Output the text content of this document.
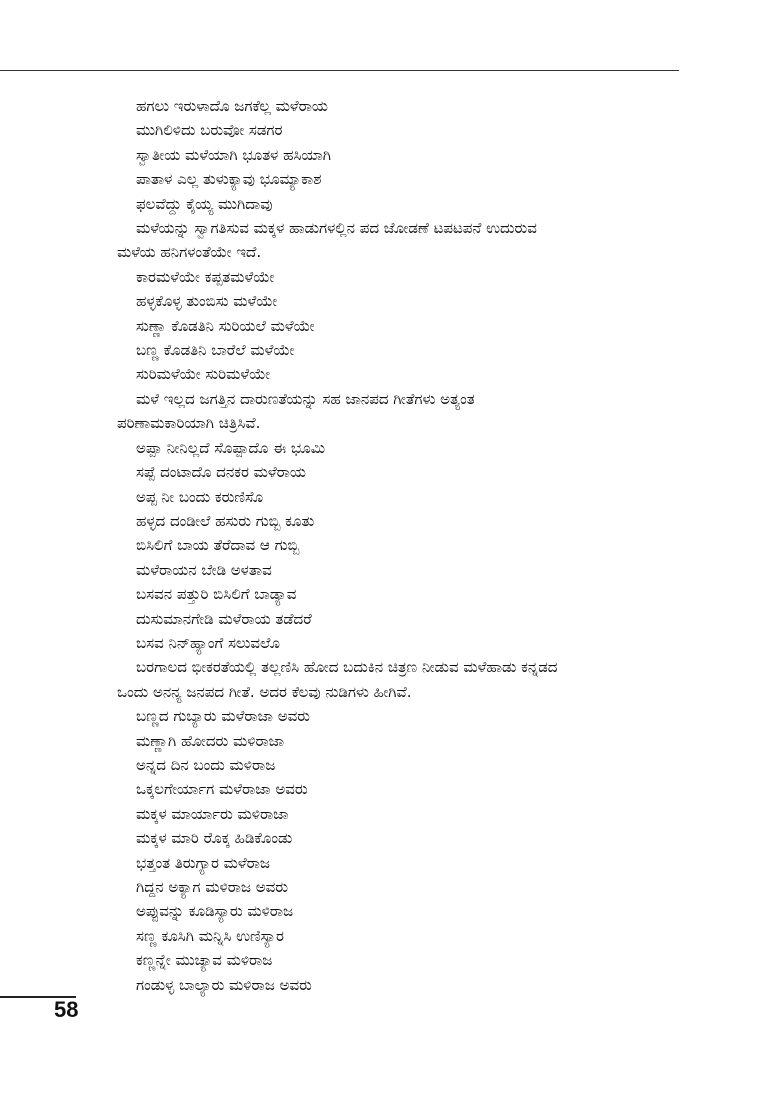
ಹಗಲು ಇರುಳಾದೊ ಜಗಕೆಲ್ಲ ಮಳೆರಾಯ
ಮುಗಿಲಿಳಿದು ಬರುವೋ ಸಡಗರ
ಸ್ವಾತೀಯ ಮಳೆಯಾಗಿ ಭೂತಳ ಹಸಿಯಾಗಿ
ಪಾತಾಳ ಎಲ್ಲ ತುಳುಕ್ಯಾವು ಭೂಮ್ಯಾಕಾಶ
ಫಲವೆದ್ದು ಕೈಯ್ಯ ಮುಗಿದಾವು
ಮಳೆಯನ್ನು ಸ್ವಾಗತಿಸುವ ಮಕ್ಕಳ ಹಾಡುಗಳಲ್ಲಿನ ಪದ ಜೋಡಣೆ ಟಪಟಪನೆ ಉದುರುವ
ಮಳೆಯ ಹನಿಗಳಂತೆಯೇ ಇದೆ.
ಕಾರಮಳೆಯೇ ಕಪ್ಪತಮಳೆಯೇ
ಹಳ್ಳಕೊಳ್ಳ ತುಂಬಿಸು ಮಳೆಯೇ
ಸುಣ್ಣಾ ಕೊಡತಿನಿ ಸುರಿಯಲೆ ಮಳೆಯೇ
ಬಣ್ಣ ಕೊಡತಿನಿ ಬಾರೆಲೆ ಮಳೆಯೇ
ಸುರಿಮಳೆಯೇ ಸುರಿಮಳೆಯೇ
ಮಳೆ ಇಲ್ಲದ ಜಗತ್ತಿನ ದಾರುಣತೆಯನ್ನು ಸಹ ಜಾನಪದ ಗೀತೆಗಳು ಅತ್ಯಂತ
ಪರಿಣಾಮಕಾರಿಯಾಗಿ ಚಿತ್ರಿಸಿವೆ.
ಅಪ್ಪಾ ನೀನಿಲ್ಲದೆ ಸೊಪ್ಪಾದೊ ಈ ಭೂಮಿ
ಸಪ್ಪೆ ದಂಟಾದೊ ದನಕರ ಮಳೆರಾಯ
ಅಪ್ಪ ನೀ ಬಂದು ಕರುಣಿಸೊ
ಹಳ್ಳದ ದಂಡೀಲೆ ಹಸುರು ಗುಬ್ಬಿ ಕೂತು
ಬಿಸಿಲಿಗೆ ಬಾಯ ತೆರೆದಾವ ಆ ಗುಬ್ಬಿ
ಮಳೆರಾಯನ ಬೇಡಿ ಅಳತಾವ
ಬಸವನ ಪತ್ತುರಿ ಬಿಸಿಲಿಗೆ ಬಾಡ್ಯಾವ
ದುಸುಮಾನಗೇಡಿ ಮಳೆರಾಯ ತಡೆದರೆ
ಬಸವ ನಿನ್‌ಹ್ಯಾಂಗೆ ಸಲುವಲೊ
ಬರಗಾಲದ ಭೀಕರತೆಯಲ್ಲಿ ತಲ್ಲಣಿಸಿ ಹೋದ ಬದುಕಿನ ಚಿತ್ರಣ ನೀಡುವ ಮಳೆಹಾಡು ಕನ್ನಡದ
ಒಂದು ಅನನ್ಯ ಜನಪದ ಗೀತೆ. ಅದರ ಕೆಲವು ನುಡಿಗಳು ಹೀಗಿವೆ.
ಬಣ್ಣದ ಗುಬ್ಯಾರು ಮಳೆರಾಜಾ ಅವರು
ಮಣ್ಣಾಗಿ ಹೋದರು ಮಳಿರಾಜಾ
ಅನ್ನದ ದಿನ ಬಂದು ಮಳಿರಾಜ
ಒಕ್ಕಲಗೇರ್ಯಾಗ ಮಳೆರಾಜಾ ಅವರು
ಮಕ್ಕಳ ಮಾರ್ಯಾರು ಮಳಿರಾಜಾ
ಮಕ್ಕಳ ಮಾರಿ ರೊಕ್ಕ ಹಿಡಿಕೊಂಡು
ಭತ್ತಂತ ತಿರುಗ್ಯಾರ ಮಳೆರಾಜ
ಗಿದ್ದನ ಅಕ್ಯಾಗ ಮಳಿರಾಜ ಅವರು
ಅಪ್ಪುವನ್ನು ಕೂಡಿಸ್ಯಾರು ಮಳಿರಾಜ
ಸಣ್ಣ ಕೂಸಿಗಿ ಮನ್ನಿಸಿ ಉಣಿಸ್ಯಾರ
ಕಣ್ಣನ್ನೇ ಮುಚ್ಯಾವ ಮಳಿರಾಜ
ಗಂಡುಳ್ಳ ಬಾಲ್ಯಾರು ಮಳಿರಾಜ ಅವರು
58
